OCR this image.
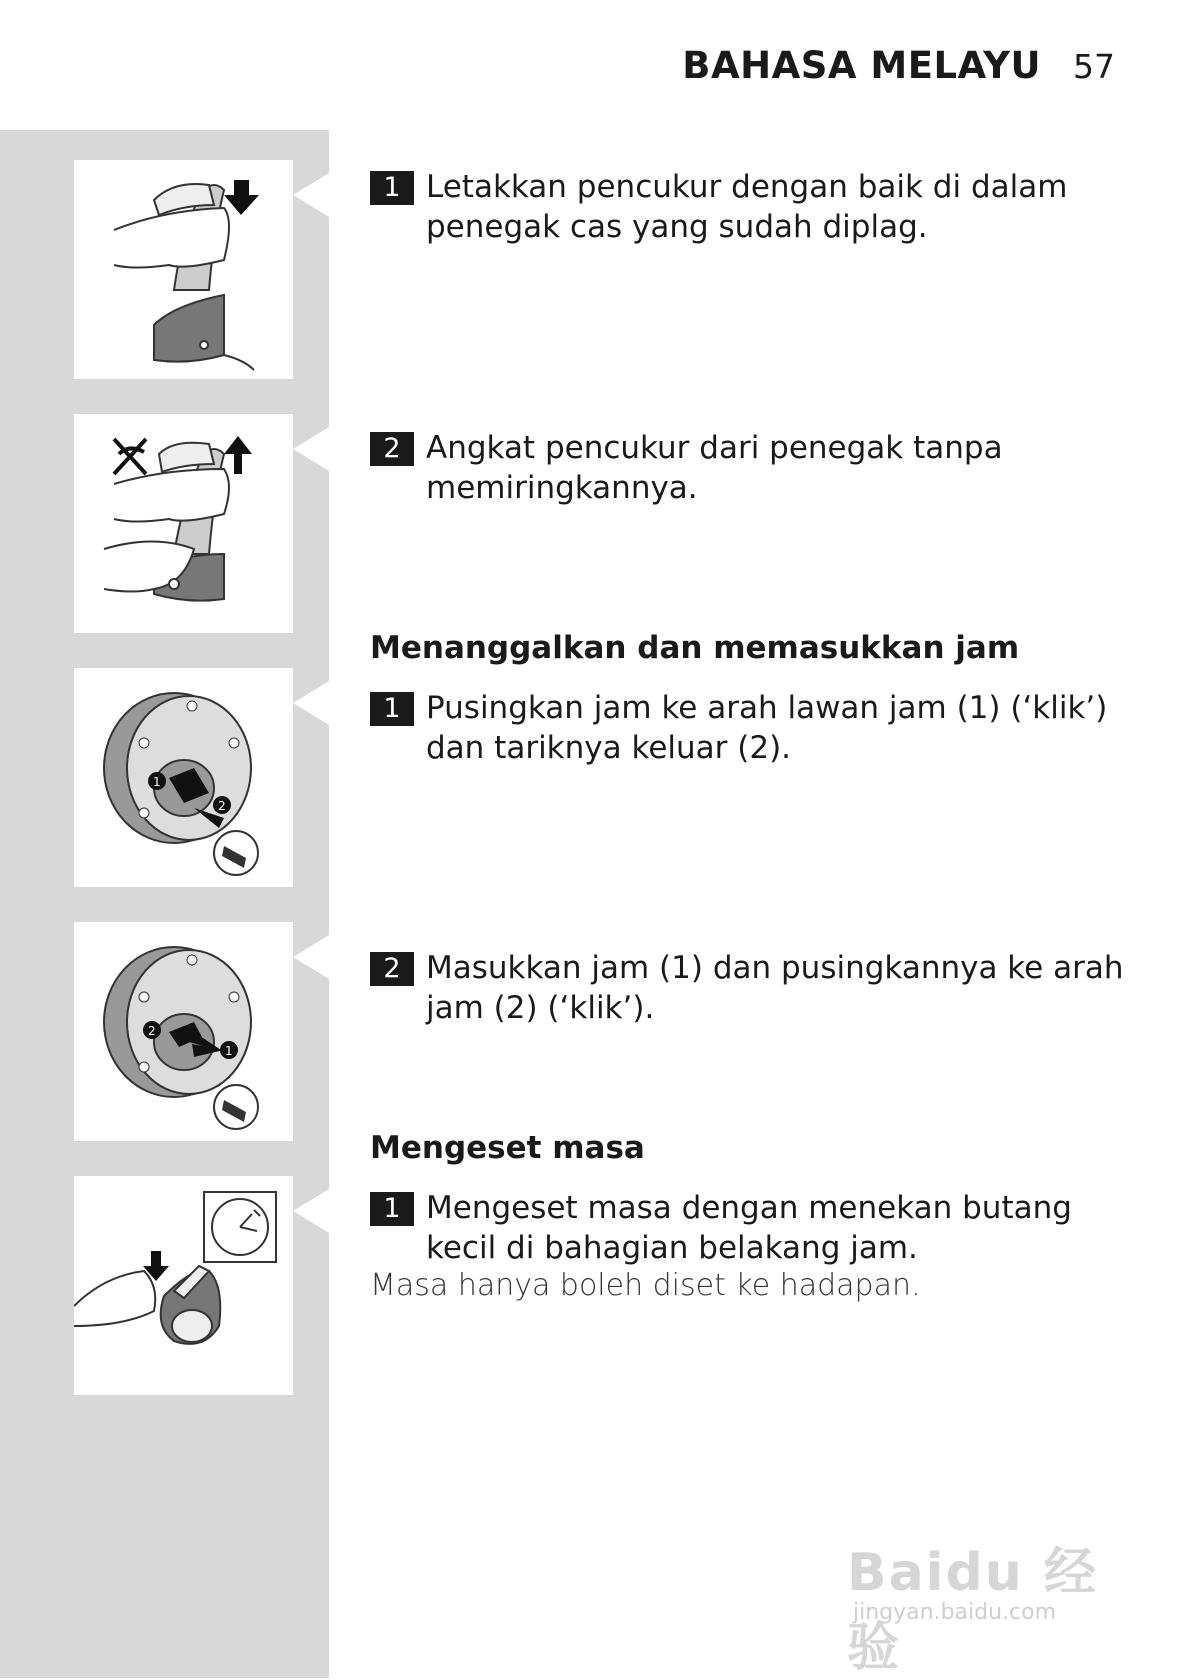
BAHASA MELAYU 57
1
2
2
1
1 Letakkan pencukur dengan baik di dalam penegak cas yang sudah diplag.
2 Angkat pencukur dari penegak tanpa memiringkannya.
Menanggalkan dan memasukkan jam
1 Pusingkan jam ke arah lawan jam (1) (‘klik’) dan tariknya keluar (2).
2 Masukkan jam (1) dan pusingkannya ke arah jam (2) (‘klik’).
Mengeset masa
1 Mengeset masa dengan menekan butang kecil di bahagian belakang jam.
Masa hanya boleh diset ke hadapan.
Baidu 经验
jingyan.baidu.com
